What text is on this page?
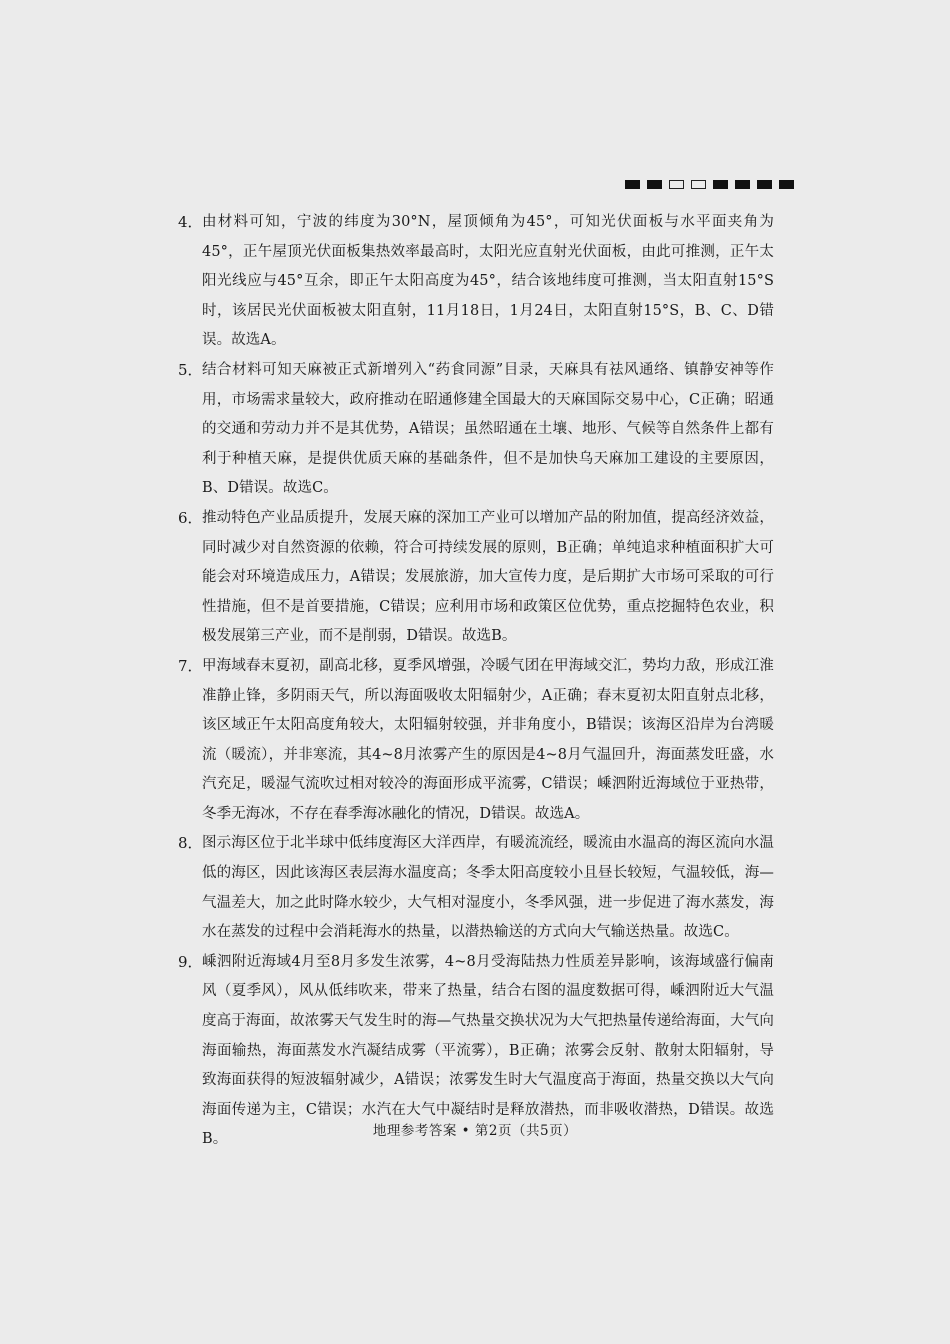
4． 由材料可知，宁波的纬度为30°N，屋顶倾角为45°，可知光伏面板与水平面夹角为45°，正午屋顶光伏面板集热效率最高时，太阳光应直射光伏面板，由此可推测，正午太阳光线应与45°互余，即正午太阳高度为45°，结合该地纬度可推测，当太阳直射15°S时，该居民光伏面板被太阳直射，11月18日，1月24日，太阳直射15°S，B、C、D错误。故选A。
5． 结合材料可知天麻被正式新增列入“药食同源”目录，天麻具有祛风通络、镇静安神等作用，市场需求量较大，政府推动在昭通修建全国最大的天麻国际交易中心，C正确；昭通的交通和劳动力并不是其优势，A错误；虽然昭通在土壤、地形、气候等自然条件上都有利于种植天麻，是提供优质天麻的基础条件，但不是加快乌天麻加工建设的主要原因，B、D错误。故选C。
6． 推动特色产业品质提升，发展天麻的深加工产业可以增加产品的附加值，提高经济效益，同时减少对自然资源的依赖，符合可持续发展的原则，B正确；单纯追求种植面积扩大可能会对环境造成压力，A错误；发展旅游，加大宣传力度，是后期扩大市场可采取的可行性措施，但不是首要措施，C错误；应利用市场和政策区位优势，重点挖掘特色农业，积极发展第三产业，而不是削弱，D错误。故选B。
7． 甲海域春末夏初，副高北移，夏季风增强，冷暖气团在甲海域交汇，势均力敌，形成江淮准静止锋，多阴雨天气，所以海面吸收太阳辐射少，A正确；春末夏初太阳直射点北移，该区域正午太阳高度角较大，太阳辐射较强，并非角度小，B错误；该海区沿岸为台湾暖流（暖流），并非寒流，其4~8月浓雾产生的原因是4~8月气温回升，海面蒸发旺盛，水汽充足，暖湿气流吹过相对较冷的海面形成平流雾，C错误；嵊泗附近海域位于亚热带，冬季无海冰，不存在春季海冰融化的情况，D错误。故选A。
8． 图示海区位于北半球中低纬度海区大洋西岸，有暖流流经，暖流由水温高的海区流向水温低的海区，因此该海区表层海水温度高；冬季太阳高度较小且昼长较短，气温较低，海—气温差大，加之此时降水较少，大气相对湿度小，冬季风强，进一步促进了海水蒸发，海水在蒸发的过程中会消耗海水的热量，以潜热输送的方式向大气输送热量。故选C。
9． 嵊泗附近海域4月至8月多发生浓雾，4~8月受海陆热力性质差异影响，该海域盛行偏南风（夏季风），风从低纬吹来，带来了热量，结合右图的温度数据可得，嵊泗附近大气温度高于海面，故浓雾天气发生时的海—气热量交换状况为大气把热量传递给海面，大气向海面输热，海面蒸发水汽凝结成雾（平流雾），B正确；浓雾会反射、散射太阳辐射，导致海面获得的短波辐射减少，A错误；浓雾发生时大气温度高于海面，热量交换以大气向海面传递为主，C错误；水汽在大气中凝结时是释放潜热，而非吸收潜热，D错误。故选B。
地理参考答案 • 第2页（共5页）
